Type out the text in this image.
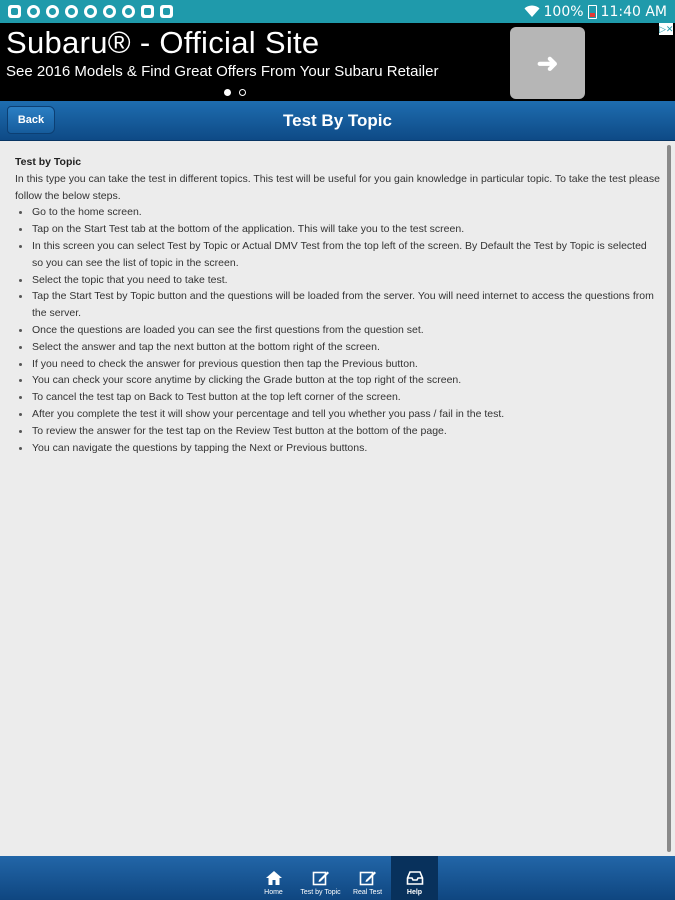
100% 11:40 AM
Subaru® - Official Site
See 2016 Models & Find Great Offers From Your Subaru Retailer	➜
▷✕
Back	Test By Topic
Test by Topic

In this type you can take the test in different topics. This test will be useful for you gain knowledge in particular topic. To take the test please follow the below steps.

Go to the home screen.
Tap on the Start Test tab at the bottom of the application. This will take you to the test screen.
In this screen you can select Test by Topic or Actual DMV Test from the top left of the screen. By Default the Test by Topic is selected so you can see the list of topic in the screen.
Select the topic that you need to take test.
Tap the Start Test by Topic button and the questions will be loaded from the server. You will need internet to access the questions from the server.
Once the questions are loaded you can see the first questions from the question set.
Select the answer and tap the next button at the bottom right of the screen.
If you need to check the answer for previous question then tap the Previous button.
You can check your score anytime by clicking the Grade button at the top right of the screen.
To cancel the test tap on Back to Test button at the top left corner of the screen.
After you complete the test it will show your percentage and tell you whether you pass / fail in the test.
To review the answer for the test tap on the Review Test button at the bottom of the page.
You can navigate the questions by tapping the Next or Previous buttons.
Home Test by Topic Real Test	Help
